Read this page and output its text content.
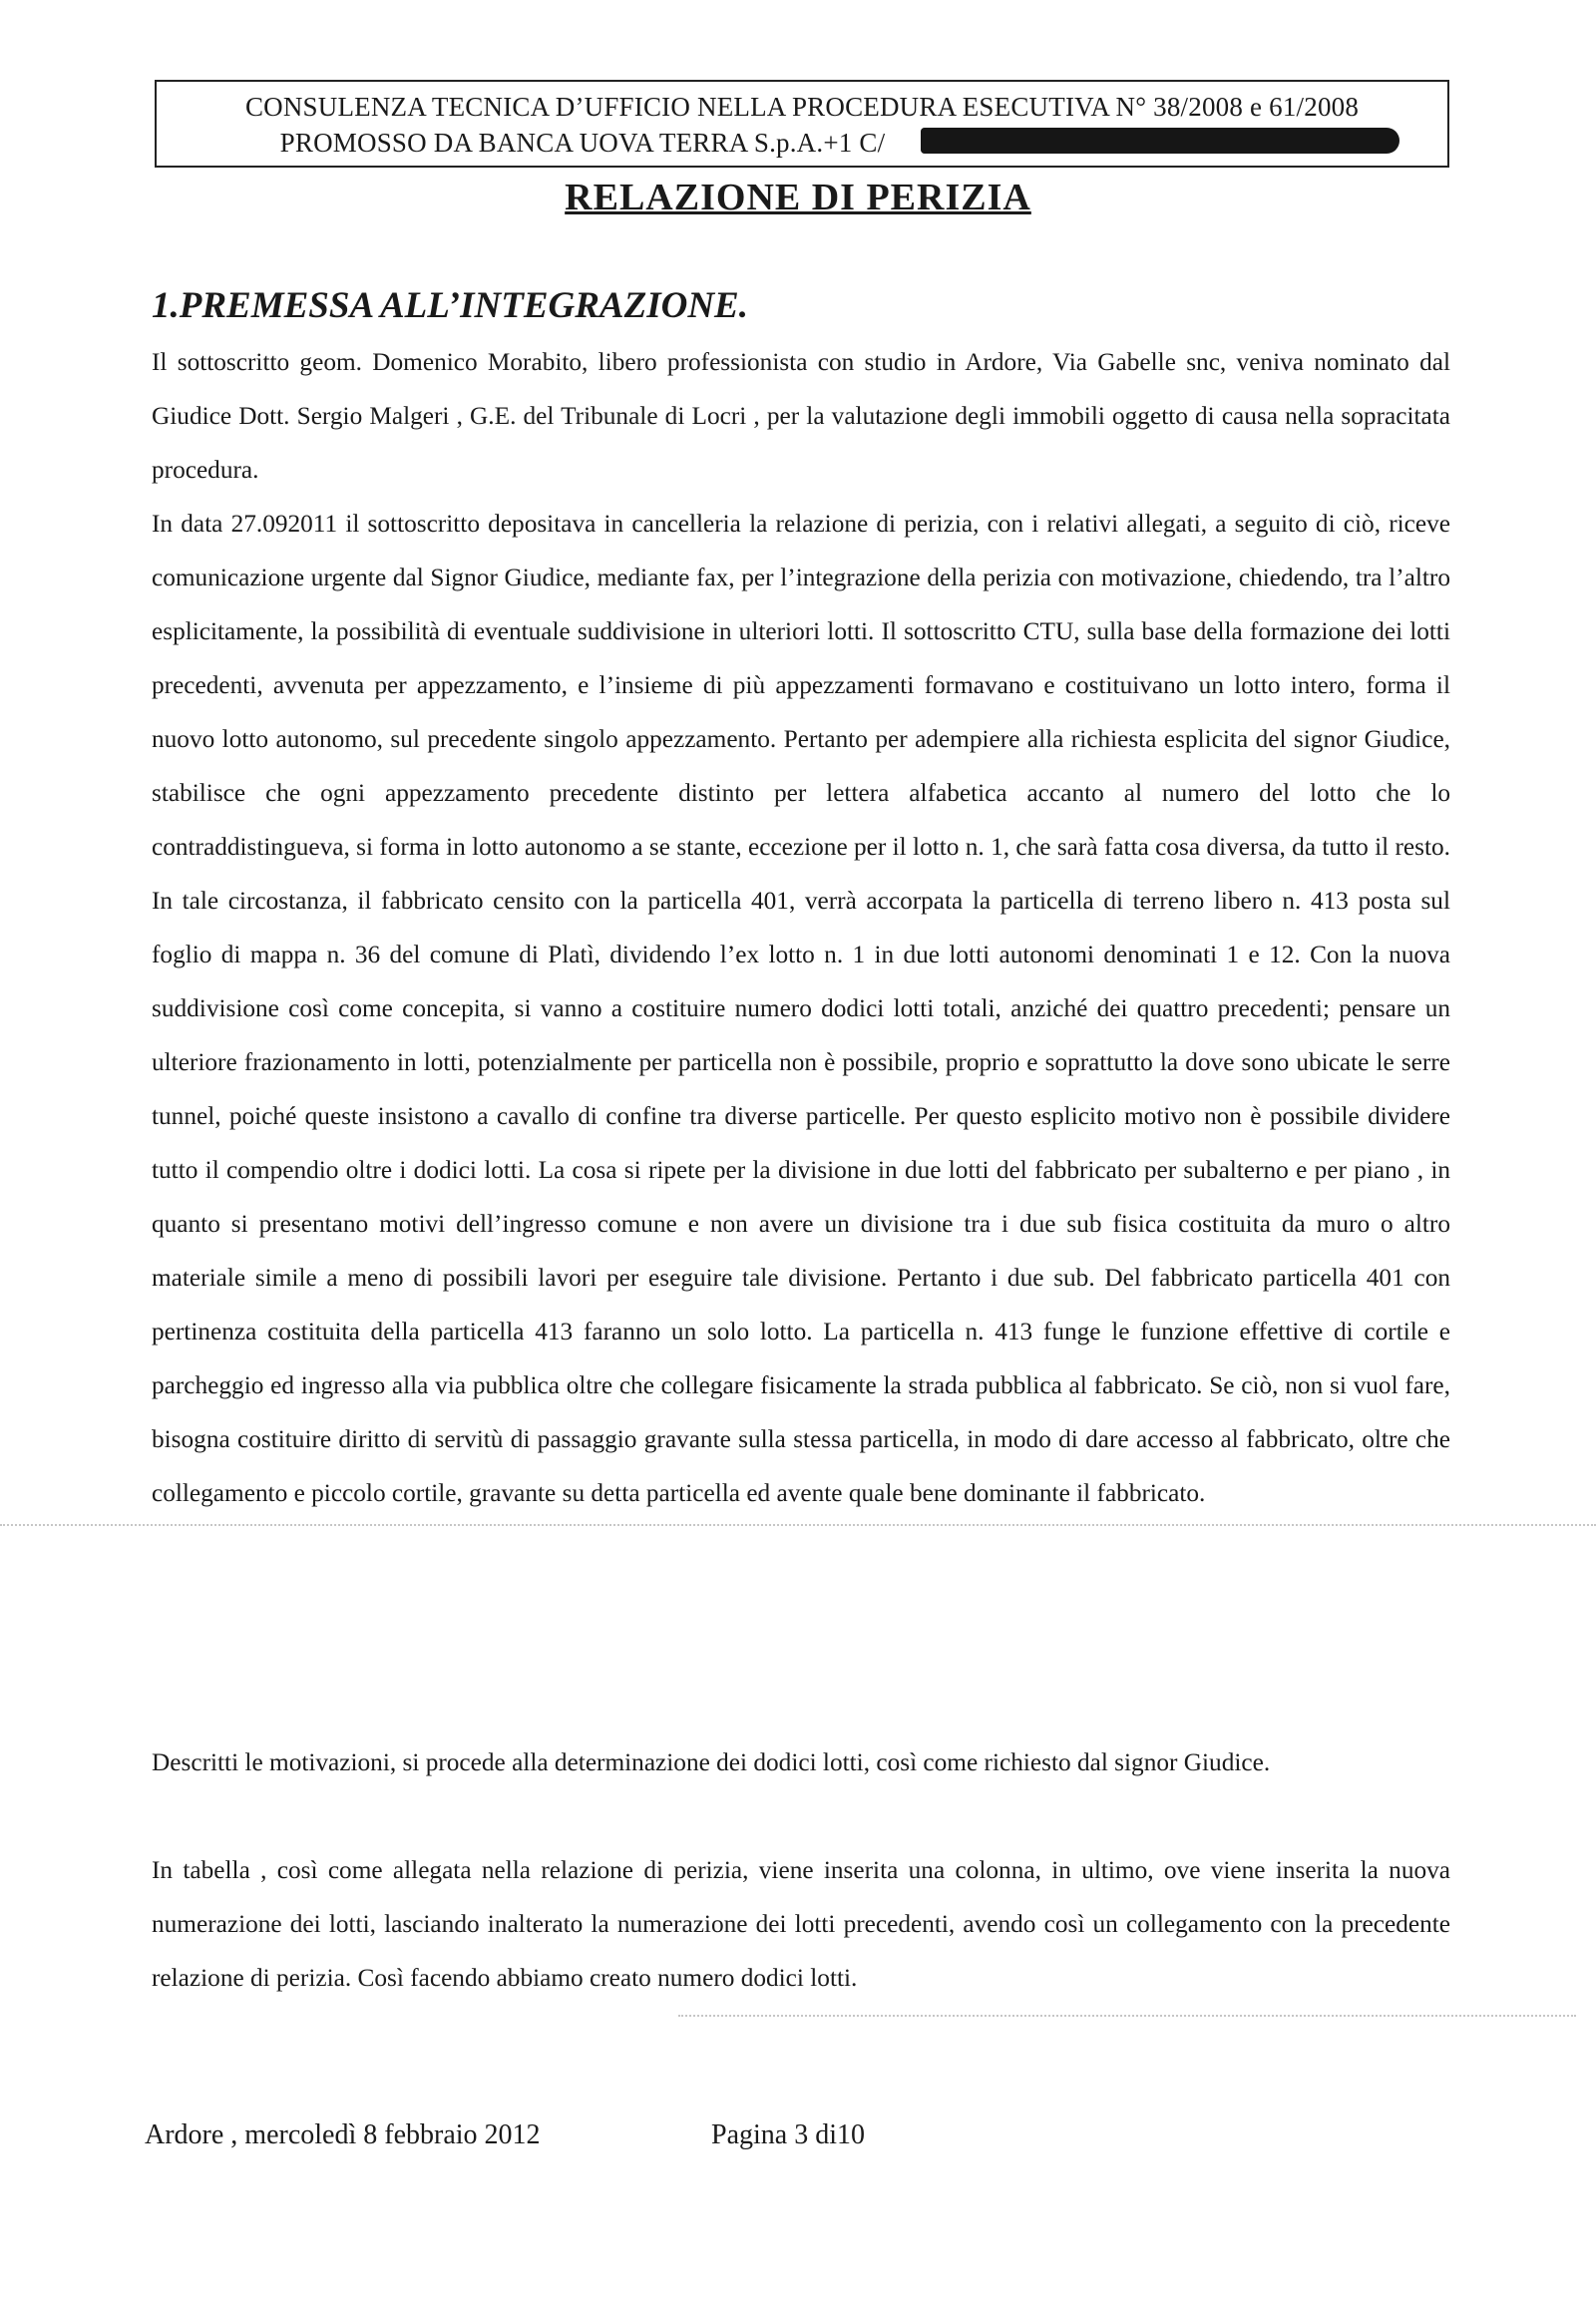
CONSULENZA TECNICA D’UFFICIO NELLA PROCEDURA ESECUTIVA N° 38/2008 e 61/2008
PROMOSSO DA BANCA UOVA TERRA S.p.A.+1 C/
RELAZIONE DI PERIZIA
1.PREMESSA ALL’INTEGRAZIONE.

Il sottoscritto geom. Domenico Morabito, libero professionista con studio in Ardore, Via Gabelle snc, veniva nominato dal Giudice Dott. Sergio Malgeri , G.E. del Tribunale di Locri , per la valutazione degli immobili oggetto di causa nella sopracitata procedura.

In data 27.092011 il sottoscritto depositava in cancelleria la relazione di perizia, con i relativi allegati, a seguito di ciò, riceve comunicazione urgente dal Signor Giudice, mediante fax, per l’integrazione della perizia con motivazione, chiedendo, tra l’altro esplicitamente, la possibilità di eventuale suddivisione in ulteriori lotti. Il sottoscritto CTU, sulla base della formazione dei lotti precedenti, avvenuta per appezzamento, e l’insieme di più appezzamenti formavano e costituivano un lotto intero, forma il nuovo lotto autonomo, sul precedente singolo appezzamento. Pertanto per adempiere alla richiesta esplicita del signor Giudice, stabilisce che ogni appezzamento precedente distinto per lettera alfabetica accanto al numero del lotto che lo contraddistingueva, si forma in lotto autonomo a se stante, eccezione per il lotto n. 1, che sarà fatta cosa diversa, da tutto il resto. In tale circostanza, il fabbricato censito con la particella 401, verrà accorpata la particella di terreno libero n. 413 posta sul foglio di mappa n. 36 del comune di Platì, dividendo l’ex lotto n. 1 in due lotti autonomi denominati 1 e 12. Con la nuova suddivisione così come concepita, si vanno a costituire numero dodici lotti totali, anziché dei quattro precedenti; pensare un ulteriore frazionamento in lotti, potenzialmente per particella non è possibile, proprio e soprattutto la dove sono ubicate le serre tunnel, poiché queste insistono a cavallo di confine tra diverse particelle. Per questo esplicito motivo non è possibile dividere tutto il compendio oltre i dodici lotti. La cosa si ripete per la divisione in due lotti del fabbricato per subalterno e per piano , in quanto si presentano motivi dell’ingresso comune e non avere un divisione tra i due sub fisica costituita da muro o altro materiale simile a meno di possibili lavori per eseguire tale divisione. Pertanto i due sub. Del fabbricato particella 401 con pertinenza costituita della particella 413 faranno un solo lotto. La particella n. 413 funge le funzione effettive di cortile e parcheggio ed ingresso alla via pubblica oltre che collegare fisicamente la strada pubblica al fabbricato. Se ciò, non si vuol fare, bisogna costituire diritto di servitù di passaggio gravante sulla stessa particella, in modo di dare accesso al fabbricato, oltre che collegamento e piccolo cortile, gravante su detta particella ed avente quale bene dominante il fabbricato.

Descritti le motivazioni, si procede alla determinazione dei dodici lotti, così come richiesto dal signor Giudice.

In tabella , così come allegata nella relazione di perizia, viene inserita una colonna, in ultimo, ove viene inserita la nuova numerazione dei lotti, lasciando inalterato la numerazione dei lotti precedenti, avendo così un collegamento con la precedente relazione di perizia. Così facendo abbiamo creato numero dodici lotti.

Ardore , mercoledì 8 febbraio 2012	Pagina 3 di10
